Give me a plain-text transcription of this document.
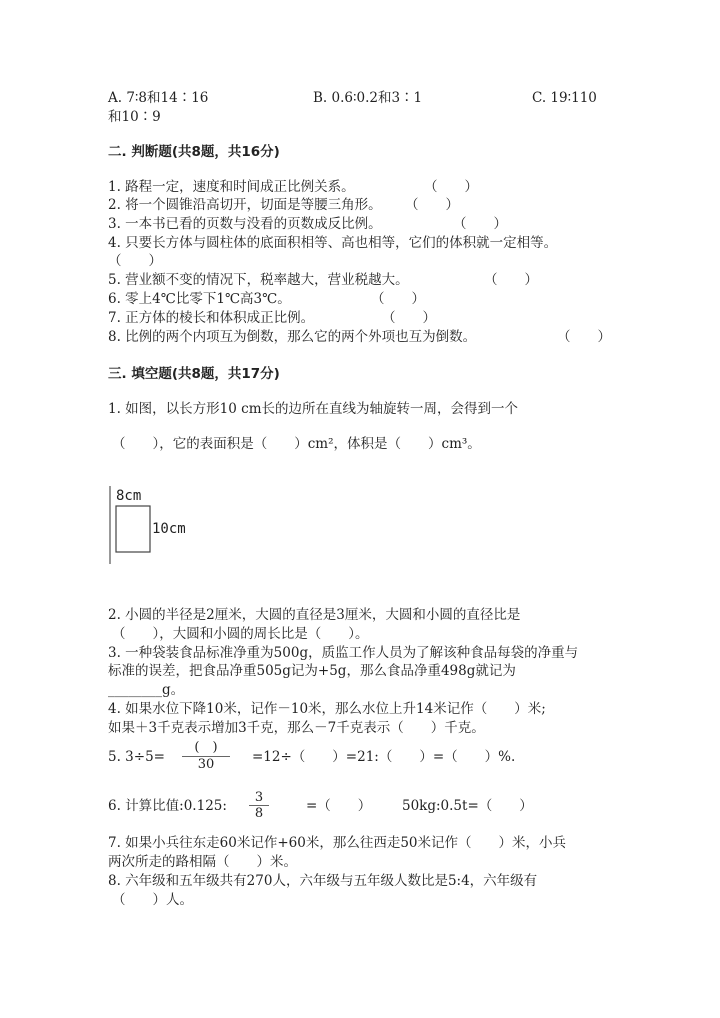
A. 7∶8和14∶16	B. 0.6∶0.2和3∶1	C. 19∶110
和10∶9
二. 判断题(共8题，共16分)
1. 路程一定，速度和时间成正比例关系。	（　　）
2. 将一个圆锥沿高切开，切面是等腰三角形。 （　　）
3. 一本书已看的页数与没看的页数成反比例。	（　　）
4. 只要长方体与圆柱体的底面积相等、高也相等，它们的体积就一定相等。
（　　）
5. 营业额不变的情况下，税率越大，营业税越大。	（　　）
6. 零上4℃比零下1℃高3℃。	（　　）
7. 正方体的棱长和体积成正比例。	（　　）
8. 比例的两个内项互为倒数，那么它的两个外项也互为倒数。	（　　）
三. 填空题(共8题，共17分)
1. 如图，以长方形10 cm长的边所在直线为轴旋转一周，会得到一个
（　　），它的表面积是（　　）cm²，体积是（　　）cm³。
8cm
10cm
2. 小圆的半径是2厘米，大圆的直径是3厘米，大圆和小圆的直径比是
（　　），大圆和小圆的周长比是（　　）。
3. 一种袋装食品标准净重为500g，质监工作人员为了解该种食品每袋的净重与
标准的误差，把食品净重505g记为+5g，那么食品净重498g就记为
________g。
4. 如果水位下降10米，记作－10米，那么水位上升14米记作（　　）米;
如果＋3千克表示增加3千克，那么－7千克表示（　　）千克。
5. 3÷5=
(　)
30	=12÷（　　）=21:（　　）=（　　）%.
6. 计算比值:0.125:
3
8	=（　　） 50kg:0.5t=（　　）
7. 如果小兵往东走60米记作+60米，那么往西走50米记作（　　）米，小兵
两次所走的路相隔（　　）米。
8. 六年级和五年级共有270人，六年级与五年级人数比是5:4，六年级有
（　　）人。
